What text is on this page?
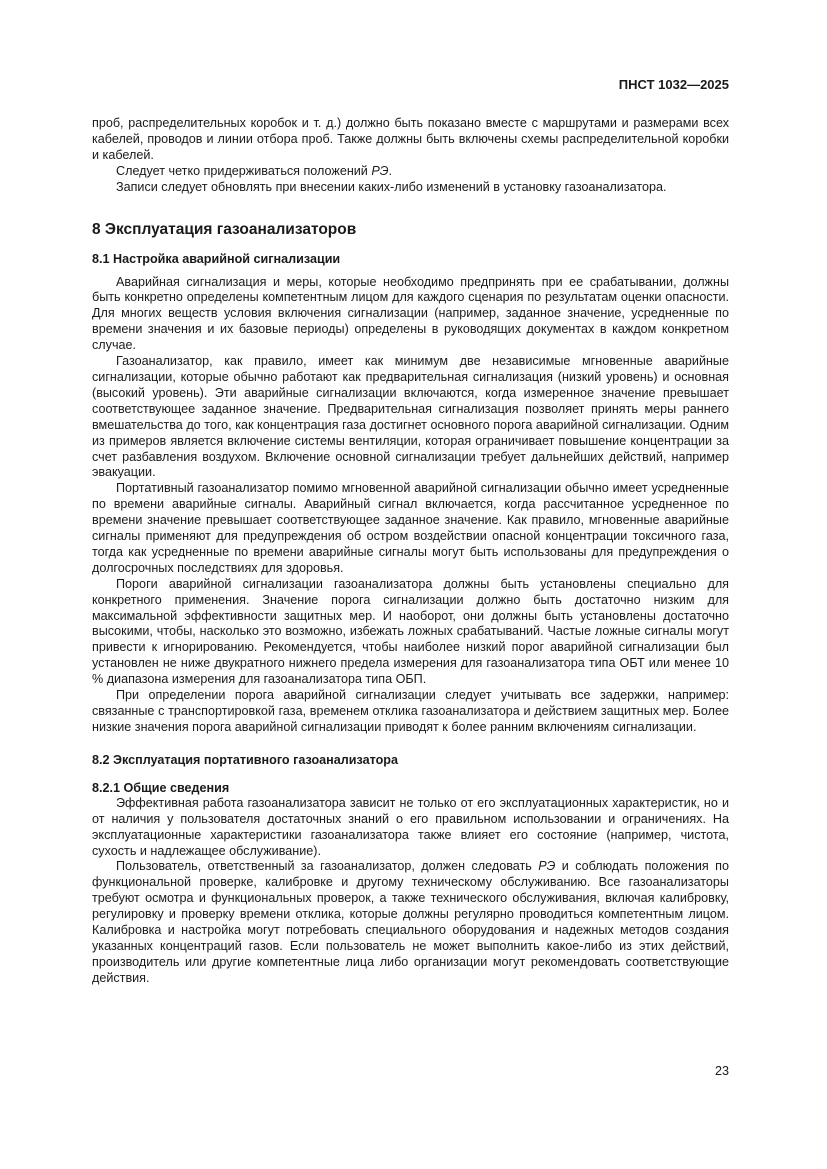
ПНСТ 1032—2025

проб, распределительных коробок и т. д.) должно быть показано вместе с маршрутами и размерами всех кабелей, проводов и линии отбора проб. Также должны быть включены схемы распределительной коробки и кабелей.

Следует четко придерживаться положений РЭ.

Записи следует обновлять при внесении каких-либо изменений в установку газоанализатора.

8 Эксплуатация газоанализаторов
8.1 Настройка аварийной сигнализации

Аварийная сигнализация и меры, которые необходимо предпринять при ее срабатывании, должны быть конкретно определены компетентным лицом для каждого сценария по результатам оценки опасности. Для многих веществ условия включения сигнализации (например, заданное значение, усредненные по времени значения и их базовые периоды) определены в руководящих документах в каждом конкретном случае.

Газоанализатор, как правило, имеет как минимум две независимые мгновенные аварийные сигнализации, которые обычно работают как предварительная сигнализация (низкий уровень) и основная (высокий уровень). Эти аварийные сигнализации включаются, когда измеренное значение превышает соответствующее заданное значение. Предварительная сигнализация позволяет принять меры раннего вмешательства до того, как концентрация газа достигнет основного порога аварийной сигнализации. Одним из примеров является включение системы вентиляции, которая ограничивает повышение концентрации за счет разбавления воздухом. Включение основной сигнализации требует дальнейших действий, например эвакуации.

Портативный газоанализатор помимо мгновенной аварийной сигнализации обычно имеет усредненные по времени аварийные сигналы. Аварийный сигнал включается, когда рассчитанное усредненное по времени значение превышает соответствующее заданное значение. Как правило, мгновенные аварийные сигналы применяют для предупреждения об остром воздействии опасной концентрации токсичного газа, тогда как усредненные по времени аварийные сигналы могут быть использованы для предупреждения о долгосрочных последствиях для здоровья.

Пороги аварийной сигнализации газоанализатора должны быть установлены специально для конкретного применения. Значение порога сигнализации должно быть достаточно низким для максимальной эффективности защитных мер. И наоборот, они должны быть установлены достаточно высокими, чтобы, насколько это возможно, избежать ложных срабатываний. Частые ложные сигналы могут привести к игнорированию. Рекомендуется, чтобы наиболее низкий порог аварийной сигнализации был установлен не ниже двукратного нижнего предела измерения для газоанализатора типа ОБТ или менее 10 % диапазона измерения для газоанализатора типа ОБП.

При определении порога аварийной сигнализации следует учитывать все задержки, например: связанные с транспортировкой газа, временем отклика газоанализатора и действием защитных мер. Более низкие значения порога аварийной сигнализации приводят к более ранним включениям сигнализации.

8.2 Эксплуатация портативного газоанализатора
8.2.1 Общие сведения

Эффективная работа газоанализатора зависит не только от его эксплуатационных характеристик, но и от наличия у пользователя достаточных знаний о его правильном использовании и ограничениях. На эксплуатационные характеристики газоанализатора также влияет его состояние (например, чистота, сухость и надлежащее обслуживание).

Пользователь, ответственный за газоанализатор, должен следовать РЭ и соблюдать положения по функциональной проверке, калибровке и другому техническому обслуживанию. Все газоанализаторы требуют осмотра и функциональных проверок, а также технического обслуживания, включая калибровку, регулировку и проверку времени отклика, которые должны регулярно проводиться компетентным лицом. Калибровка и настройка могут потребовать специального оборудования и надежных методов создания указанных концентраций газов. Если пользователь не может выполнить какое-либо из этих действий, производитель или другие компетентные лица либо организации могут рекомендовать соответствующие действия.

23
